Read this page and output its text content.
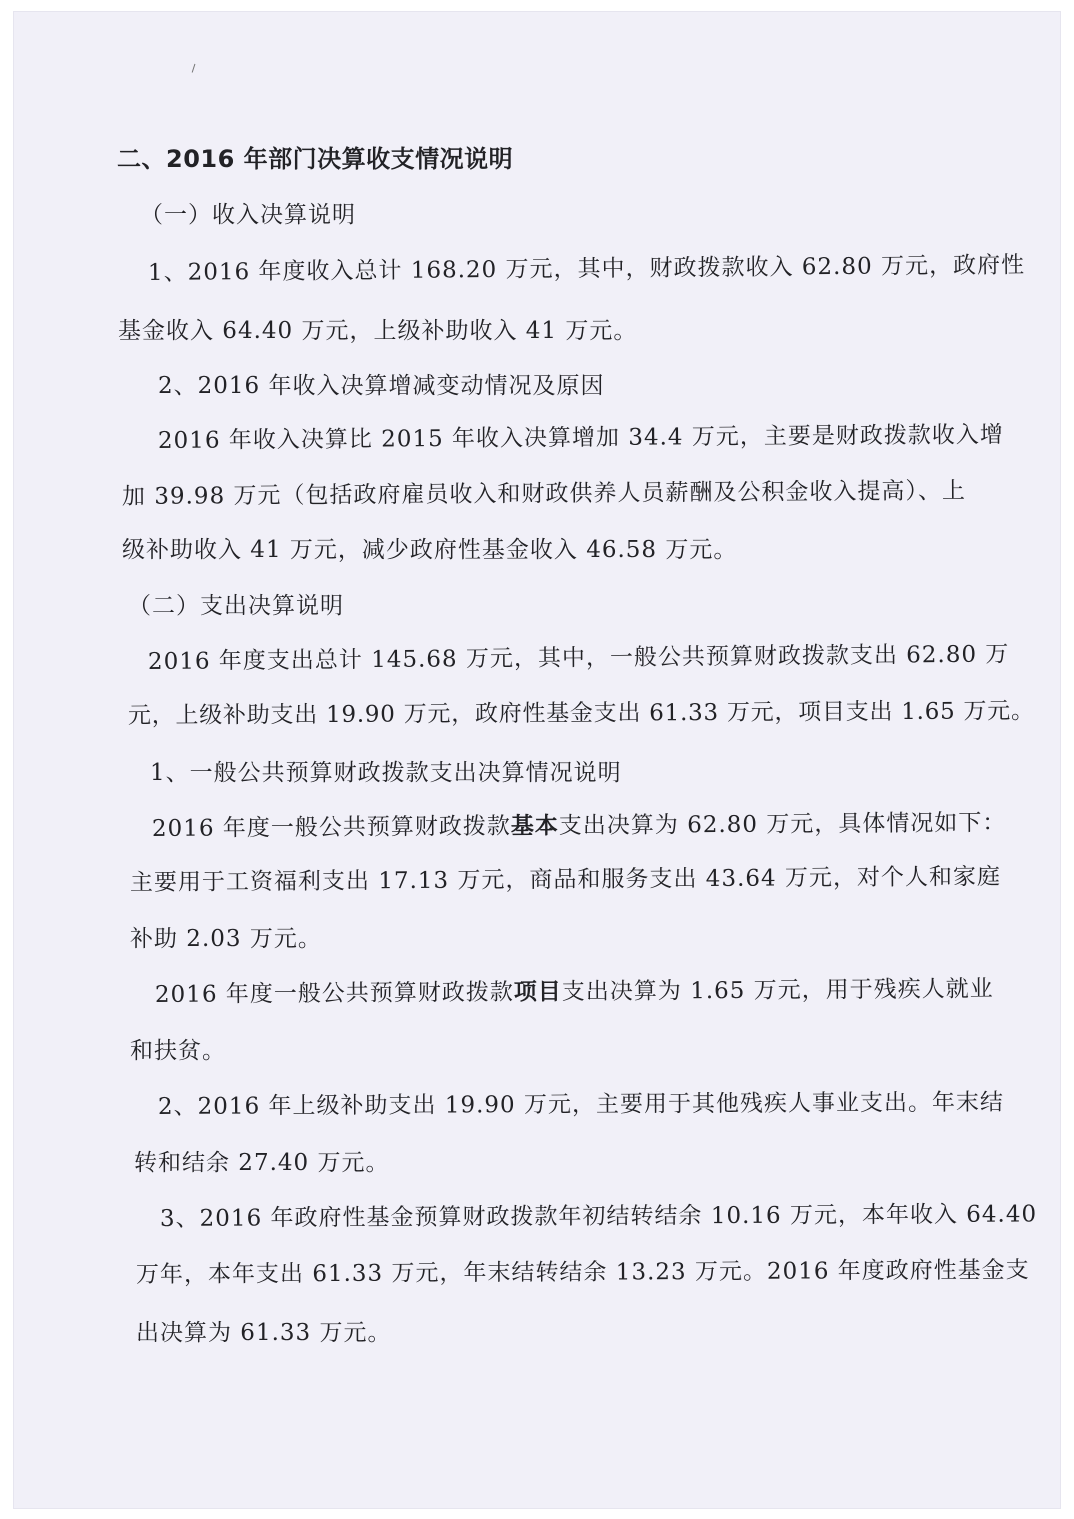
二、2016 年部门决算收支情况说明
（一）收入决算说明
1、2016 年度收入总计 168.20 万元，其中，财政拨款收入 62.80 万元，政府性
基金收入 64.40 万元，上级补助收入 41 万元。
2、2016 年收入决算增减变动情况及原因
2016 年收入决算比 2015 年收入决算增加 34.4 万元，主要是财政拨款收入增
加 39.98 万元（包括政府雇员收入和财政供养人员薪酬及公积金收入提高）、上
级补助收入 41 万元，减少政府性基金收入 46.58 万元。
（二）支出决算说明
2016 年度支出总计 145.68 万元，其中，一般公共预算财政拨款支出 62.80 万
元，上级补助支出 19.90 万元，政府性基金支出 61.33 万元，项目支出 1.65 万元。
1、一般公共预算财政拨款支出决算情况说明
2016 年度一般公共预算财政拨款基本支出决算为 62.80 万元，具体情况如下：
主要用于工资福利支出 17.13 万元，商品和服务支出 43.64 万元，对个人和家庭
补助 2.03 万元。
2016 年度一般公共预算财政拨款项目支出决算为 1.65 万元，用于残疾人就业
和扶贫。
2、2016 年上级补助支出 19.90 万元，主要用于其他残疾人事业支出。年末结
转和结余 27.40 万元。
3、2016 年政府性基金预算财政拨款年初结转结余 10.16 万元，本年收入 64.40
万年，本年支出 61.33 万元，年末结转结余 13.23 万元。2016 年度政府性基金支
出决算为 61.33 万元。
